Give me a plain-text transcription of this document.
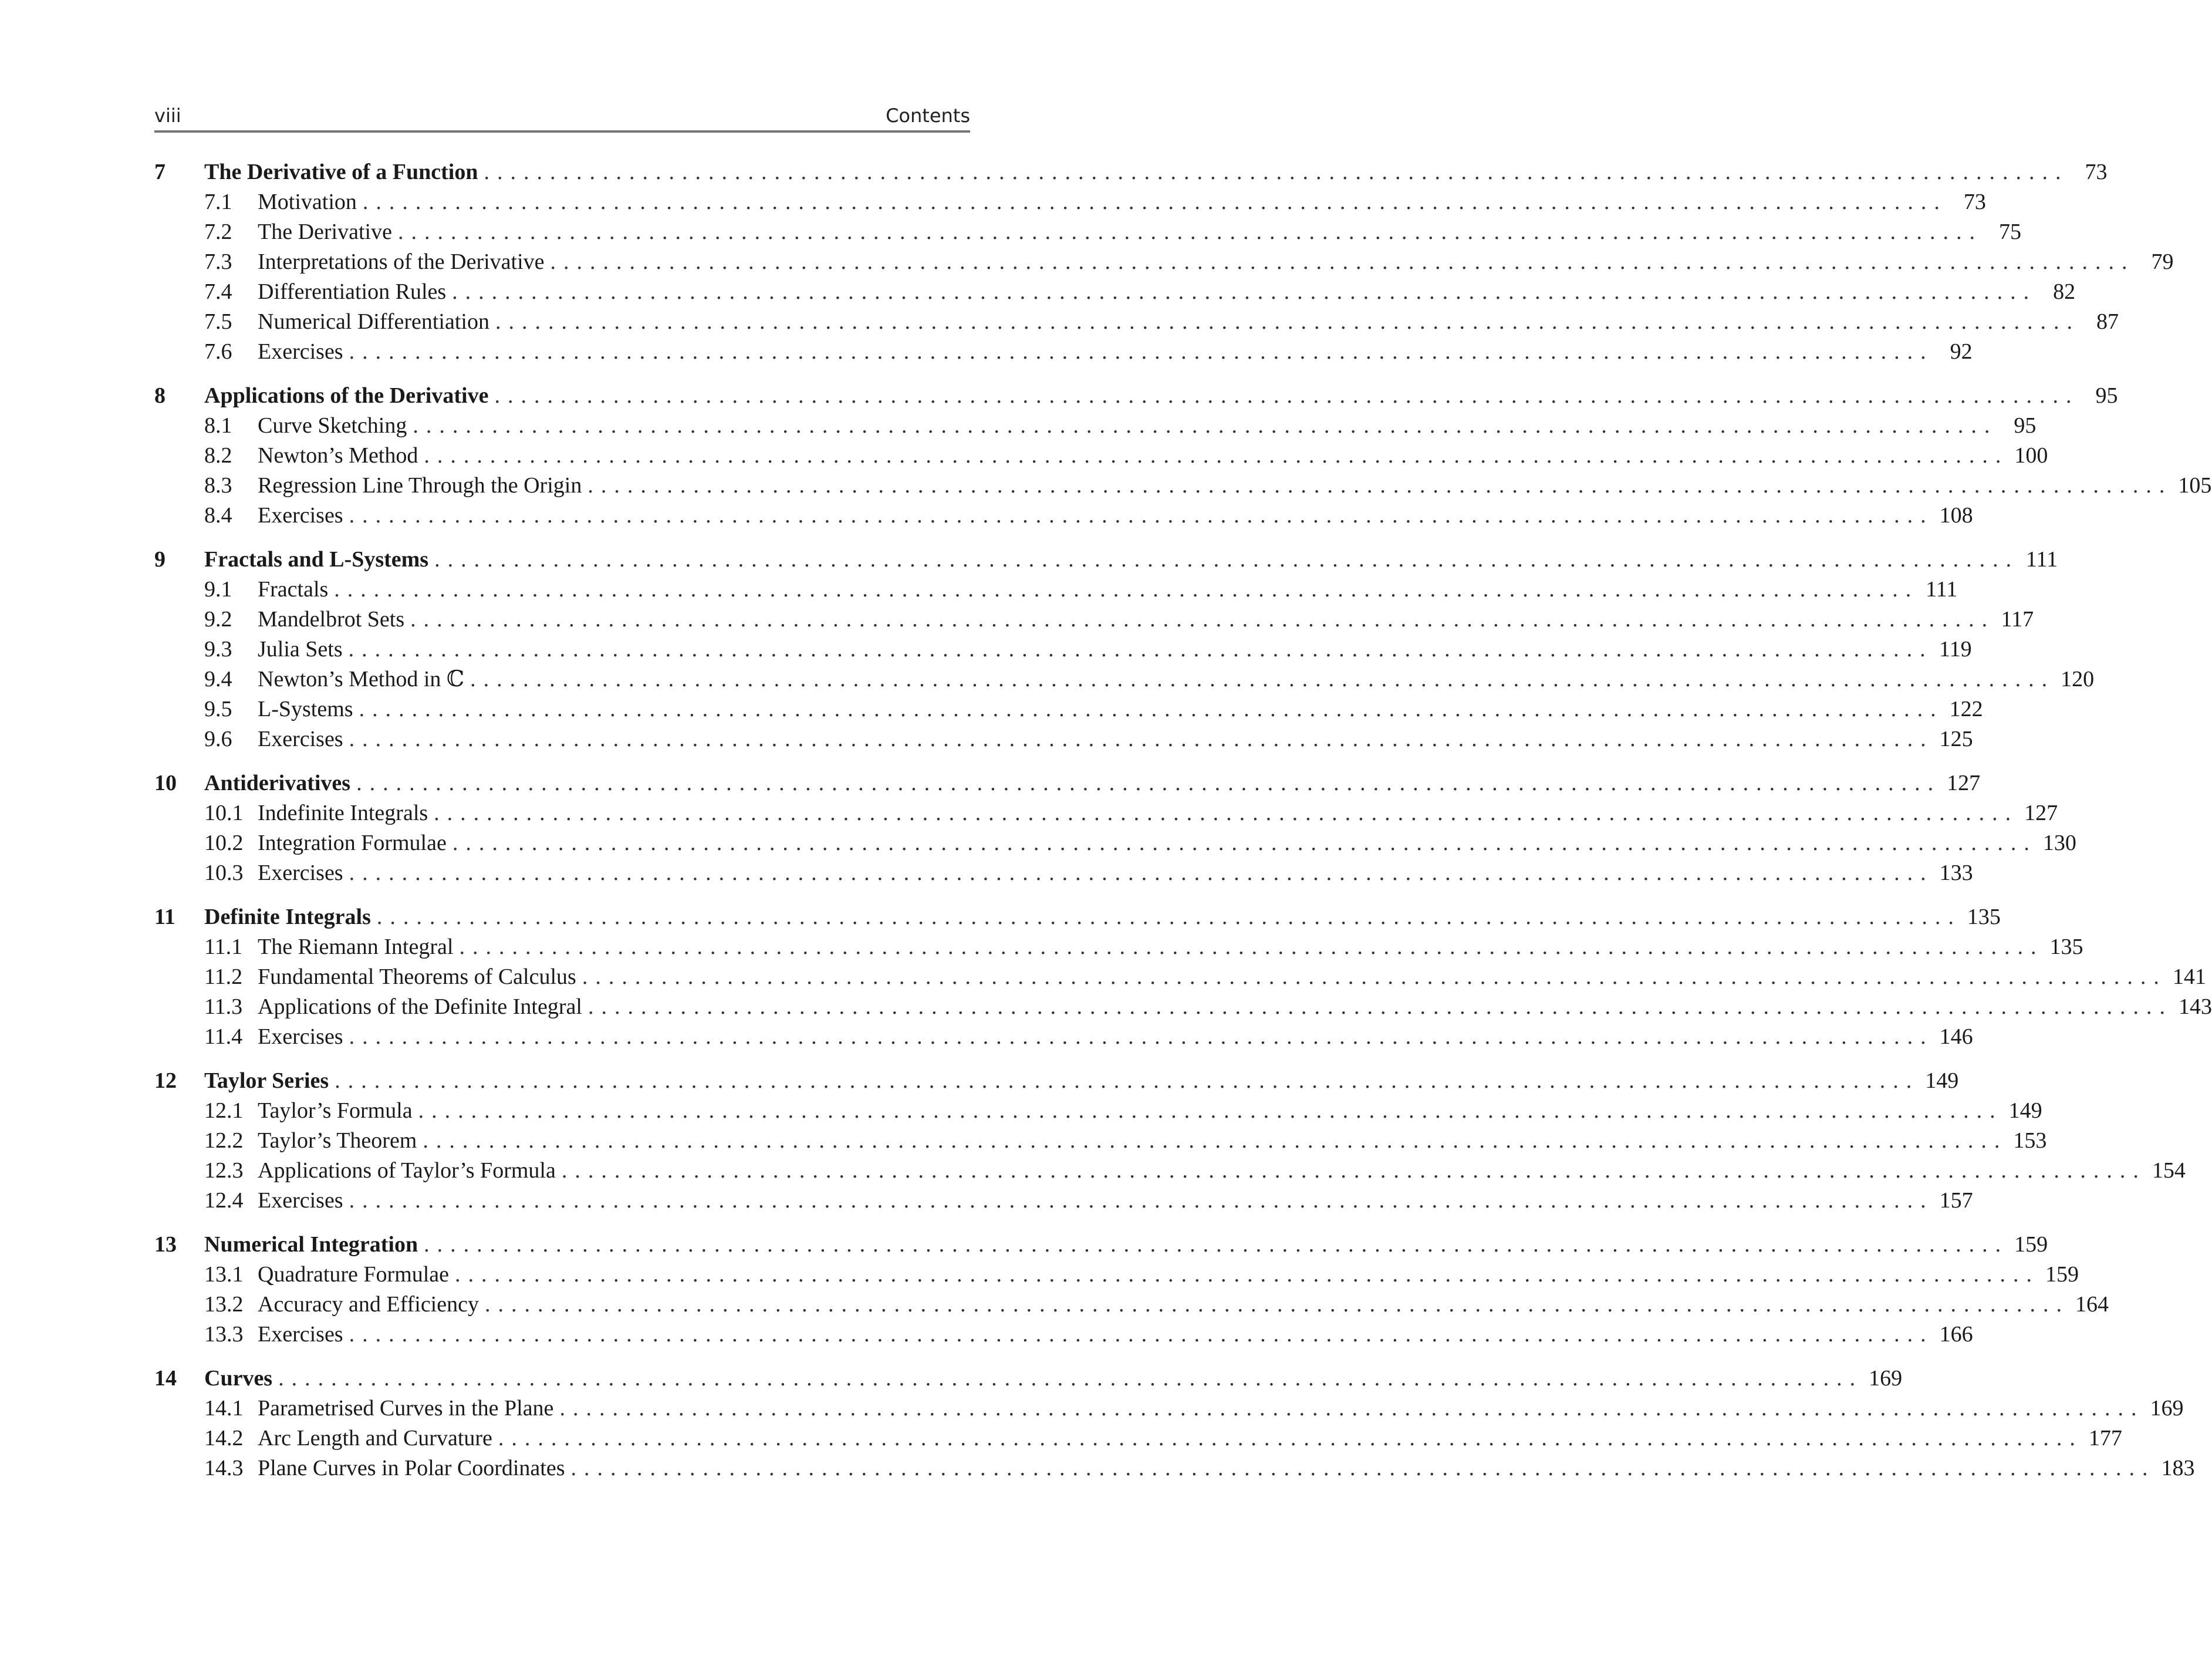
viii	Contents
7 The Derivative of a Function ........................................................................................................................ 73
7.1 Motivation ........................................................................................................................ 73
7.2 The Derivative ........................................................................................................................ 75
7.3 Interpretations of the Derivative ........................................................................................................................ 79
7.4 Differentiation Rules ........................................................................................................................ 82
7.5 Numerical Differentiation ........................................................................................................................ 87
7.6 Exercises ........................................................................................................................ 92
8 Applications of the Derivative ........................................................................................................................ 95
8.1 Curve Sketching ........................................................................................................................ 95
8.2 Newton’s Method ........................................................................................................................ 100
8.3 Regression Line Through the Origin ........................................................................................................................ 105
8.4 Exercises ........................................................................................................................ 108
9 Fractals and L-Systems ........................................................................................................................ 111
9.1 Fractals ........................................................................................................................ 111
9.2 Mandelbrot Sets ........................................................................................................................ 117
9.3 Julia Sets ........................................................................................................................ 119
9.4 Newton’s Method in ℂ ........................................................................................................................ 120
9.5 L-Systems ........................................................................................................................ 122
9.6 Exercises ........................................................................................................................ 125
10 Antiderivatives ........................................................................................................................ 127
10.1 Indefinite Integrals ........................................................................................................................ 127
10.2 Integration Formulae ........................................................................................................................ 130
10.3 Exercises ........................................................................................................................ 133
11 Definite Integrals ........................................................................................................................ 135
11.1 The Riemann Integral ........................................................................................................................ 135
11.2 Fundamental Theorems of Calculus ........................................................................................................................ 141
11.3 Applications of the Definite Integral ........................................................................................................................ 143
11.4 Exercises ........................................................................................................................ 146
12 Taylor Series ........................................................................................................................ 149
12.1 Taylor’s Formula ........................................................................................................................ 149
12.2 Taylor’s Theorem ........................................................................................................................ 153
12.3 Applications of Taylor’s Formula ........................................................................................................................ 154
12.4 Exercises ........................................................................................................................ 157
13 Numerical Integration ........................................................................................................................ 159
13.1 Quadrature Formulae ........................................................................................................................ 159
13.2 Accuracy and Efficiency ........................................................................................................................ 164
13.3 Exercises ........................................................................................................................ 166
14 Curves ........................................................................................................................ 169
14.1 Parametrised Curves in the Plane ........................................................................................................................ 169
14.2 Arc Length and Curvature ........................................................................................................................ 177
14.3 Plane Curves in Polar Coordinates ........................................................................................................................ 183
